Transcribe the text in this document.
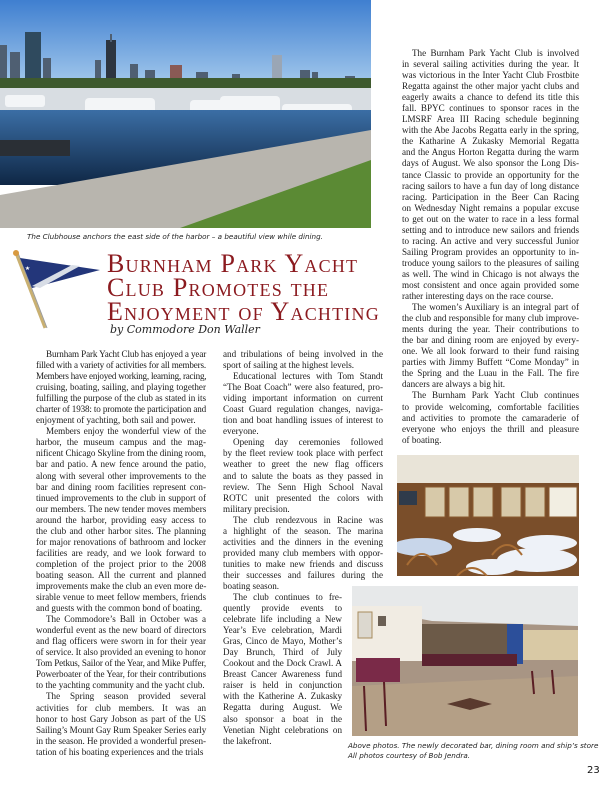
The Clubhouse anchors the east side of the harbor – a beautiful view while dining.
Burnham Park Yacht
Club Promotes the
Enjoyment of Yachting
by Commodore Don Waller
Burnham Park Yacht Club has enjoyed a year
filled with a variety of activities for all members.
Members have enjoyed working, learning, racing,
cruising, boating, sailing, and playing together
fulfilling the purpose of the club as stated in its
charter of 1938: to promote the participation and
enjoyment of yachting, both sail and power.
Members enjoy the wonderful view of the
harbor, the museum campus and the mag-
nificent Chicago Skyline from the dining room,
bar and patio. A new fence around the patio,
along with several other improvements to the
bar and dining room facilities represent con-
tinued improvements to the club in support of
our members. The new tender moves members
around the harbor, providing easy access to
the club and other harbor sites. The planning
for major renovations of bathroom and locker
facilities are ready, and we look forward to
completion of the project prior to the 2008
boating season. All the current and planned
improvements make the club an even more de-
sirable venue to meet fellow members, friends
and guests with the common bond of boating.
The Commodore’s Ball in October was a
wonderful event as the new board of directors
and flag officers were sworn in for their year
of service. It also provided an evening to honor
Tom Petkus, Sailor of the Year, and Mike Puffer,
Powerboater of the Year, for their contributions
to the yachting community and the yacht club.
The Spring season provided several
activities for club members. It was an
honor to host Gary Jobson as part of the US
Sailing’s Mount Gay Rum Speaker Series early
in the season. He provided a wonderful presen-
tation of his boating experiences and the trials
and tribulations of being involved in the
sport of sailing at the highest levels.
Educational lectures with Tom Standt
“The Boat Coach” were also featured, pro-
viding important information on current
Coast Guard regulation changes, naviga-
tion and boat handling issues of interest to
everyone.
Opening day ceremonies followed
by the fleet review took place with perfect
weather to greet the new flag officers
and to salute the boats as they passed in
review. The Senn High School Naval
ROTC unit presented the colors with
military precision.
The club rendezvous in Racine was
a highlight of the season. The marina
activities and the dinners in the evening
provided many club members with oppor-
tunities to make new friends and discuss
their successes and failures during the
boating season.
The club continues to fre-
quently provide events to
celebrate life including a New
Year’s Eve celebration, Mardi
Gras, Cinco de Mayo, Mother’s
Day Brunch, Third of July
Cookout and the Dock Crawl. A
Breast Cancer Awareness fund
raiser is held in conjunction
with the Katherine A. Zukasky
Regatta during August. We
also sponsor a boat in the
Venetian Night celebrations on
the lakefront.
The Burnham Park Yacht Club is involved
in several sailing activities during the year. It
was victorious in the Inter Yacht Club Frostbite
Regatta against the other major yacht clubs and
eagerly awaits a chance to defend its title this
fall. BPYC continues to sponsor races in the
LMSRF Area III Racing schedule beginning
with the Abe Jacobs Regatta early in the spring,
the Katharine A Zukasky Memorial Regatta
and the Angus Horton Regatta during the warm
days of August. We also sponsor the Long Dis-
tance Classic to provide an opportunity for the
racing sailors to have a fun day of long distance
racing. Participation in the Beer Can Racing
on Wednesday Night remains a popular excuse
to get out on the water to race in a less formal
setting and to introduce new sailors and friends
to racing. An active and very successful Junior
Sailing Program provides an opportunity to in-
troduce young sailors to the pleasures of sailing
as well. The wind in Chicago is not always the
most consistent and once again provided some
rather interesting days on the race course.
The women’s Auxiliary is an integral part of
the club and responsible for many club improve-
ments during the year. Their contributions to
the bar and dining room are enjoyed by every-
one. We all look forward to their fund raising
parties with Jimmy Buffett “Come Monday” in
the Spring and the Luau in the Fall. The fire
dancers are always a big hit.
The Burnham Park Yacht Club continues
to provide welcoming, comfortable facilities
and activities to promote the camaraderie of
everyone who enjoys the thrill and pleasure
of boating.
Above photos. The newly decorated bar, dining room and ship’s store
All photos courtesy of Bob Jendra.
23
